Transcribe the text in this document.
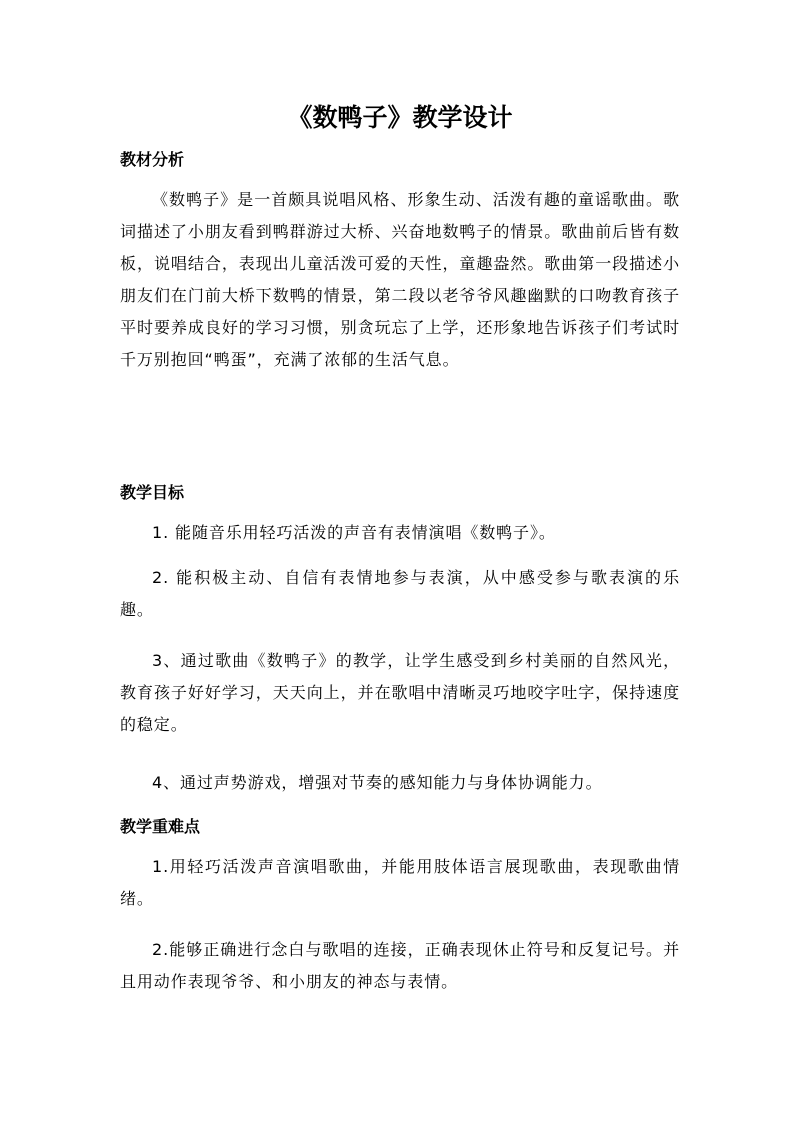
《数鸭子》教学设计
教材分析

《数鸭子》是一首颇具说唱风格、形象生动、活泼有趣的童谣歌曲。歌词描述了小朋友看到鸭群游过大桥、兴奋地数鸭子的情景。歌曲前后皆有数板，说唱结合，表现出儿童活泼可爱的天性，童趣盎然。歌曲第一段描述小朋友们在门前大桥下数鸭的情景，第二段以老爷爷风趣幽默的口吻教育孩子平时要养成良好的学习习惯，别贪玩忘了上学，还形象地告诉孩子们考试时千万别抱回“鸭蛋”，充满了浓郁的生活气息。

教学目标

1. 能随音乐用轻巧活泼的声音有表情演唱《数鸭子》。

2. 能积极主动、自信有表情地参与表演，从中感受参与歌表演的乐趣。

3、通过歌曲《数鸭子》的教学，让学生感受到乡村美丽的自然风光，教育孩子好好学习，天天向上，并在歌唱中清晰灵巧地咬字吐字，保持速度的稳定。

4、通过声势游戏，增强对节奏的感知能力与身体协调能力。

教学重难点

1.用轻巧活泼声音演唱歌曲，并能用肢体语言展现歌曲，表现歌曲情绪。

2.能够正确进行念白与歌唱的连接，正确表现休止符号和反复记号。并且用动作表现爷爷、和小朋友的神态与表情。
